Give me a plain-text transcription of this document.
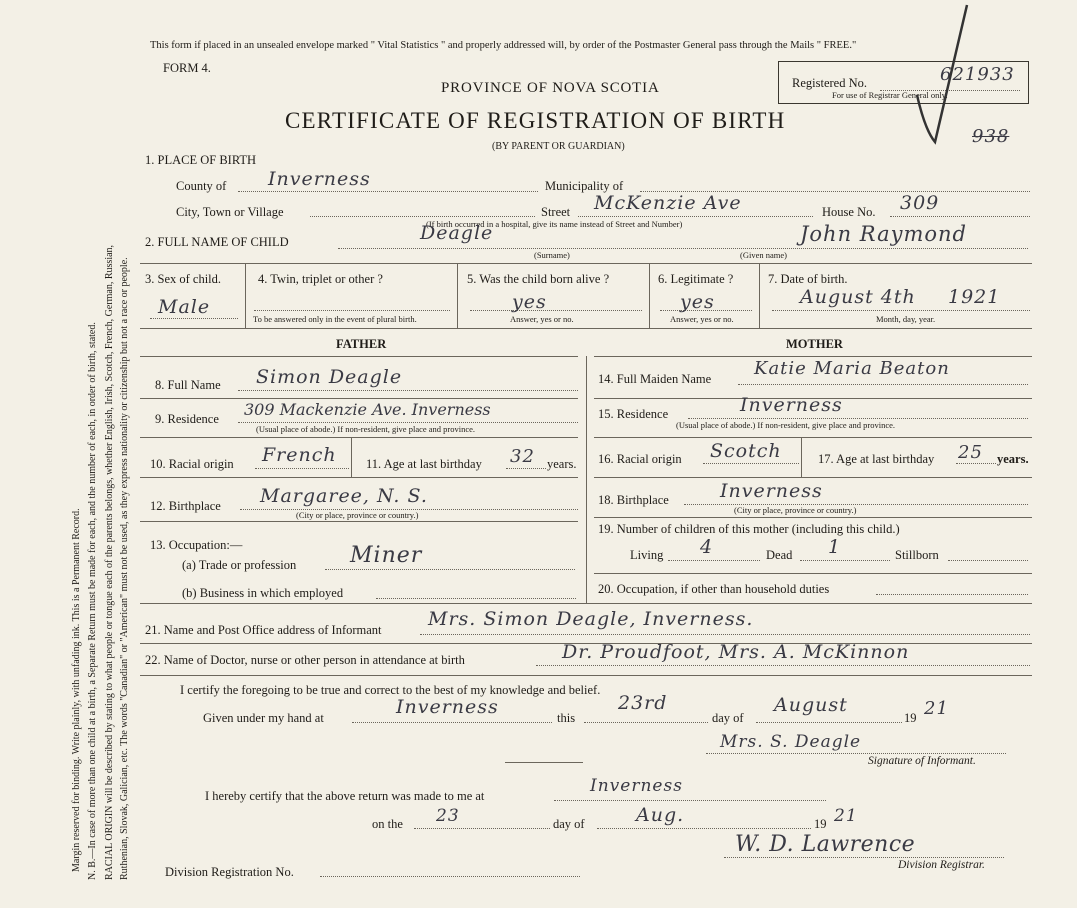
Margin reserved for binding. Write plainly, with unfading ink. This is a Permanent Record. N. B.—In case of more than one child at a birth, a Separate Return must be made for each, and the number of each, in order of birth, stated. RACIAL ORIGIN will be described by stating to what people or tongue each of the parents belongs, whether English, Irish, Scotch, French, German, Russian, Ruthenian, Slovak, Galician, etc. The words "Canadian" or "American" must not be used, as they express nationality or citizenship but not a race or people.
This form if placed in an unsealed envelope marked " Vital Statistics " and properly addressed will, by order of the Postmaster General pass through the Mails " FREE."
FORM 4.
PROVINCE OF NOVA SCOTIA
CERTIFICATE OF REGISTRATION OF BIRTH
(BY PARENT OR GUARDIAN)
Registered No.	621933
For use of Registrar General only.
938
1. PLACE OF BIRTH
County of Inverness	Municipality of
City, Town or Village	Street McKenzie Ave	House No. 309
(If birth occurred in a hospital, give its name instead of Street and Number)
2. FULL NAME OF CHILD	Deagle
(Surname)
John Raymond
(Given name)
3. Sex of child.
Male
4. Twin, triplet or other ?
To be answered only in the event of plural birth.
5. Was the child born alive ?
yes
Answer, yes or no.
6. Legitimate ?
yes
Answer, yes or no.
7. Date of birth.
August 4th 1921
Month, day, year.
FATHER	MOTHER
8. Full Name Simon Deagle
9. Residence 309 Mackenzie Ave. Inverness
(Usual place of abode.) If non-resident, give place and province.
10. Racial origin French 11. Age at last birthday 32 years.
12. Birthplace Margaree, N. S.
(City or place, province or country.)
13. Occupation:—
(a) Trade or profession Miner
(b) Business in which employed
14. Full Maiden Name Katie Maria Beaton
15. Residence	Inverness
(Usual place of abode.) If non-resident, give place and province.
16. Racial origin Scotch	17. Age at last birthday 25 years.
18. Birthplace	Inverness
(City or place, province or country.)
19. Number of children of this mother (including this child.)
Living 4	Dead 1	Stillborn
20. Occupation, if other than household duties
21. Name and Post Office address of Informant Mrs. Simon Deagle, Inverness.
22. Name of Doctor, nurse or other person in attendance at birth	Dr. Proudfoot, Mrs. A. McKinnon
I certify the foregoing to be true and correct to the best of my knowledge and belief.
Given under my hand at	Inverness	this
23rd
day of
August
19 21
Mrs. S. Deagle
Signature of Informant.
I hereby certify that the above return was made to me at	Inverness
on the 23	day of	Aug.	19 21
W. D. Lawrence
Division Registrar.
Division Registration No.
